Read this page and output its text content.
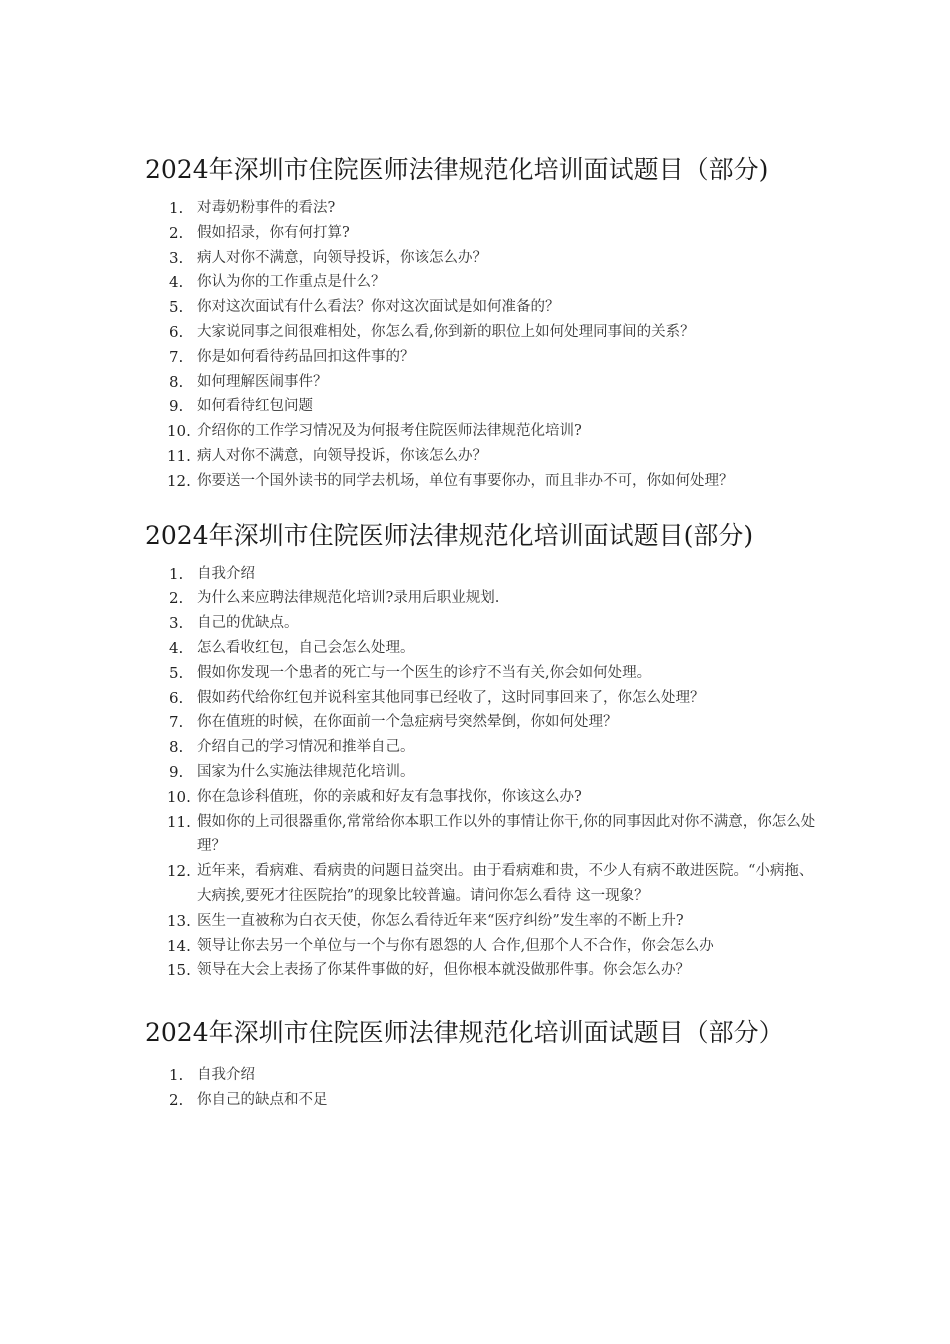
2024年深圳市住院医师法律规范化培训面试题目（部分)
1. 对毒奶粉事件的看法?
2. 假如招录，你有何打算?
3. 病人对你不满意，向领导投诉，你该怎么办？
4. 你认为你的工作重点是什么？
5. 你对这次面试有什么看法？你对这次面试是如何准备的？
6. 大家说同事之间很难相处，你怎么看,你到新的职位上如何处理同事间的关系？
7. 你是如何看待药品回扣这件事的？
8. 如何理解医闹事件？
9. 如何看待红包问题
10. 介绍你的工作学习情况及为何报考住院医师法律规范化培训?
11. 病人对你不满意，向领导投诉，你该怎么办？
12. 你要送一个国外读书的同学去机场，单位有事要你办，而且非办不可，你如何处理？
2024年深圳市住院医师法律规范化培训面试题目(部分)
1. 自我介绍
2. 为什么来应聘法律规范化培训?录用后职业规划.
3. 自己的优缺点。
4. 怎么看收红包，自己会怎么处理。
5. 假如你发现一个患者的死亡与一个医生的诊疗不当有关,你会如何处理。
6. 假如药代给你红包并说科室其他同事已经收了，这时同事回来了，你怎么处理？
7. 你在值班的时候，在你面前一个急症病号突然晕倒，你如何处理？
8. 介绍自己的学习情况和推举自己。
9. 国家为什么实施法律规范化培训。
10. 你在急诊科值班，你的亲戚和好友有急事找你，你该这么办?
11. 假如你的上司很器重你,常常给你本职工作以外的事情让你干,你的同事因此对你不满意，你怎么处理？
12. 近年来，看病难、看病贵的问题日益突出。由于看病难和贵，不少人有病不敢进医院。“小病拖、大病挨,要死才往医院抬”的现象比较普遍。请问你怎么看待 这一现象？
13. 医生一直被称为白衣天使，你怎么看待近年来“医疗纠纷”发生率的不断上升?
14. 领导让你去另一个单位与一个与你有恩怨的人 合作,但那个人不合作，你会怎么办
15. 领导在大会上表扬了你某件事做的好，但你根本就没做那件事。你会怎么办？
2024年深圳市住院医师法律规范化培训面试题目（部分）
1. 自我介绍
2. 你自己的缺点和不足
